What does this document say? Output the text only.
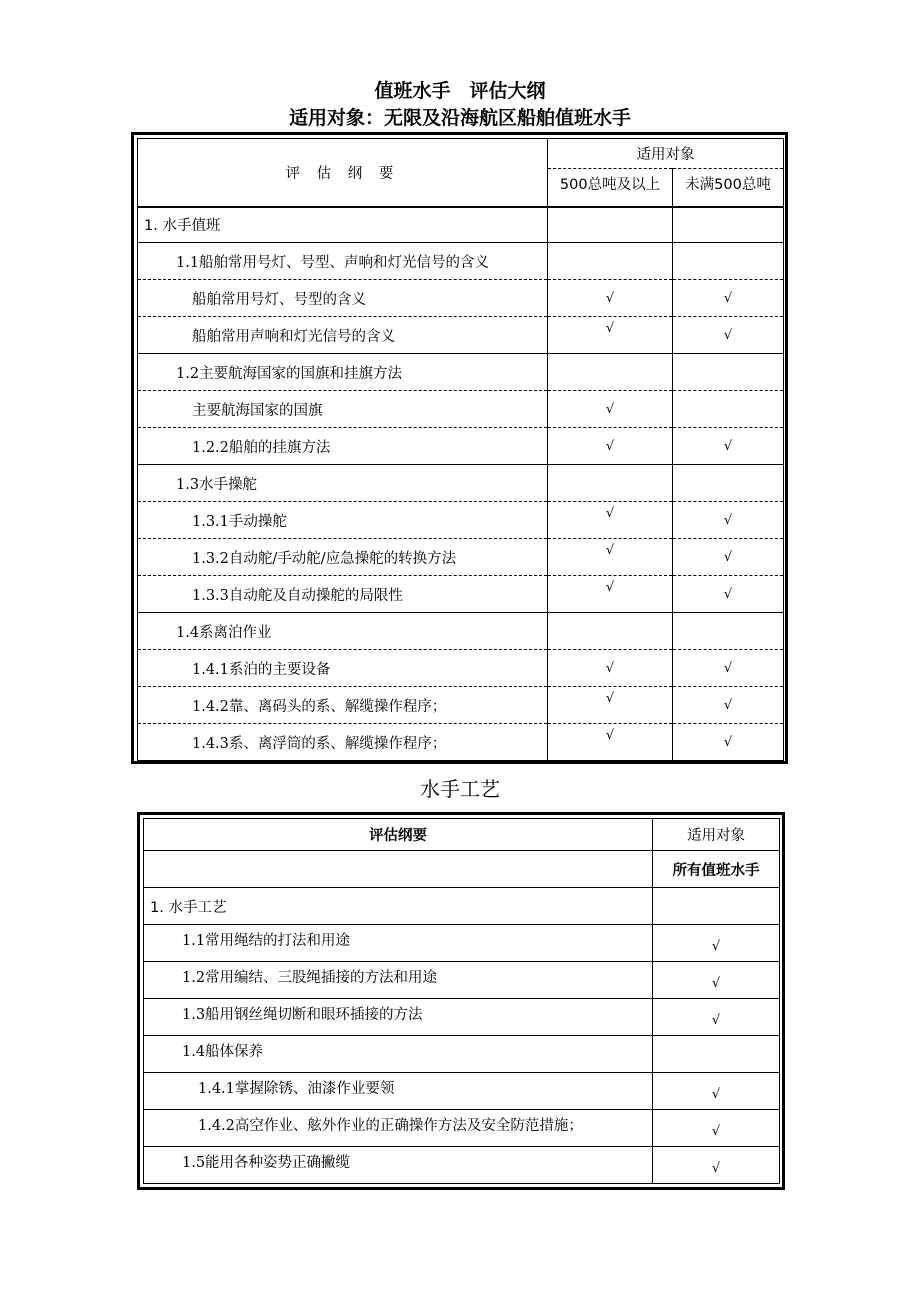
值班水手　评估大纲
适用对象：无限及沿海航区船舶值班水手
评 估 纲 要	适用对象	
	500总吨及以上	未满500总吨
1. 水手值班		
1.1船舶常用号灯、号型、声响和灯光信号的含义		
船舶常用号灯、号型的含义	√	√
船舶常用声响和灯光信号的含义	√	√
1.2主要航海国家的国旗和挂旗方法		
主要航海国家的国旗	√	
1.2.2船舶的挂旗方法	√	√
1.3水手操舵		
1.3.1手动操舵	√	√
1.3.2自动舵/手动舵/应急操舵的转换方法	√	√
1.3.3自动舵及自动操舵的局限性	√	√
1.4系离泊作业		
1.4.1系泊的主要设备	√	√
1.4.2靠、离码头的系、解缆操作程序；	√	√
1.4.3系、离浮筒的系、解缆操作程序；	√	√
水手工艺
评估纲要	适用对象
	所有值班水手
1. 水手工艺	
1.1常用绳结的打法和用途	√
1.2常用编结、三股绳插接的方法和用途	√
1.3船用钢丝绳切断和眼环插接的方法	√
1.4船体保养	
1.4.1掌握除锈、油漆作业要领	√
1.4.2高空作业、舷外作业的正确操作方法及安全防范措施；	√
1.5能用各种姿势正确撇缆	√
